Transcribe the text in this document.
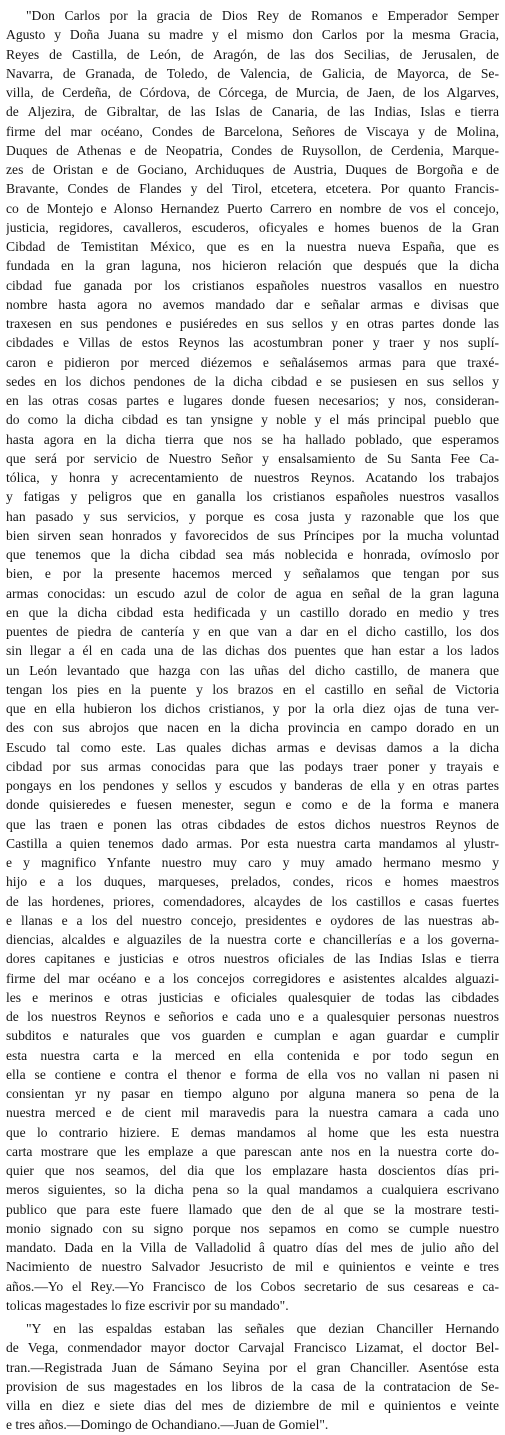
"Don Carlos por la gracia de Dios Rey de Romanos e Emperador Semper
Agusto y Doña Juana su madre y el mismo don Carlos por la mesma Gracia,
Reyes de Castilla, de León, de Aragón, de las dos Secilias, de Jerusalen, de
Navarra, de Granada, de Toledo, de Valencia, de Galicia, de Mayorca, de Se-
villa, de Cerdeña, de Córdova, de Córcega, de Murcia, de Jaen, de los Algarves,
de Aljezira, de Gibraltar, de las Islas de Canaria, de las Indias, Islas e tierra
firme del mar océano, Condes de Barcelona, Señores de Viscaya y de Molina,
Duques de Athenas e de Neopatria, Condes de Ruysollon, de Cerdenia, Marque-
zes de Oristan e de Gociano, Archiduques de Austria, Duques de Borgoña e de
Bravante, Condes de Flandes y del Tirol, etcetera, etcetera. Por quanto Francis-
co de Montejo e Alonso Hernandez Puerto Carrero en nombre de vos el concejo,
justicia, regidores, cavalleros, escuderos, oficyales e homes buenos de la Gran
Cibdad de Temistitan México, que es en la nuestra nueva España, que es
fundada en la gran laguna, nos hicieron relación que después que la dicha
cibdad fue ganada por los cristianos españoles nuestros vasallos en nuestro
nombre hasta agora no avemos mandado dar e señalar armas e divisas que
traxesen en sus pendones e pusiéredes en sus sellos y en otras partes donde las
cibdades e Villas de estos Reynos las acostumbran poner y traer y nos suplí-
caron e pidieron por merced diézemos e señalásemos armas para que traxé-
sedes en los dichos pendones de la dicha cibdad e se pusiesen en sus sellos y
en las otras cosas partes e lugares donde fuesen necesarios; y nos, consideran-
do como la dicha cibdad es tan ynsigne y noble y el más principal pueblo que
hasta agora en la dicha tierra que nos se ha hallado poblado, que esperamos
que será por servicio de Nuestro Señor y ensalsamiento de Su Santa Fee Ca-
tólica, y honra y acrecentamiento de nuestros Reynos. Acatando los trabajos
y fatigas y peligros que en ganalla los cristianos españoles nuestros vasallos
han pasado y sus servicios, y porque es cosa justa y razonable que los que
bien sirven sean honrados y favorecidos de sus Príncipes por la mucha voluntad
que tenemos que la dicha cibdad sea más noblecida e honrada, ovímoslo por
bien, e por la presente hacemos merced y señalamos que tengan por sus
armas conocidas: un escudo azul de color de agua en señal de la gran laguna
en que la dicha cibdad esta hedificada y un castillo dorado en medio y tres
puentes de piedra de cantería y en que van a dar en el dicho castillo, los dos
sin llegar a él en cada una de las dichas dos puentes que han estar a los lados
un León levantado que hazga con las uñas del dicho castillo, de manera que
tengan los pies en la puente y los brazos en el castillo en señal de Victoria
que en ella hubieron los dichos cristianos, y por la orla diez ojas de tuna ver-
des con sus abrojos que nacen en la dicha provincia en campo dorado en un
Escudo tal como este. Las quales dichas armas e devisas damos a la dicha
cibdad por sus armas conocidas para que las podays traer poner y trayais e
pongays en los pendones y sellos y escudos y banderas de ella y en otras partes
donde quisieredes e fuesen menester, segun e como e de la forma e manera
que las traen e ponen las otras cibdades de estos dichos nuestros Reynos de
Castilla a quien tenemos dado armas. Por esta nuestra carta mandamos al ylustr-
e y magnifico Ynfante nuestro muy caro y muy amado hermano mesmo y
hijo e a los duques, marqueses, prelados, condes, ricos e homes maestros
de las hordenes, priores, comendadores, alcaydes de los castillos e casas fuertes
e llanas e a los del nuestro concejo, presidentes e oydores de las nuestras ab-
diencias, alcaldes e alguaziles de la nuestra corte e chancillerías e a los governa-
dores capitanes e justicias e otros nuestros oficiales de las Indias Islas e tierra
firme del mar océano e a los concejos corregidores e asistentes alcaldes alguazi-
les e merinos e otras justicias e oficiales qualesquier de todas las cibdades
de los nuestros Reynos e señorios e cada uno e a qualesquier personas nuestros
subditos e naturales que vos guarden e cumplan e agan guardar e cumplir
esta nuestra carta e la merced en ella contenida e por todo segun en
ella se contiene e contra el thenor e forma de ella vos no vallan ni pasen ni
consientan yr ny pasar en tiempo alguno por alguna manera so pena de la
nuestra merced e de cient mil maravedis para la nuestra camara a cada uno
que lo contrario hiziere. E demas mandamos al home que les esta nuestra
carta mostrare que les emplaze a que parescan ante nos en la nuestra corte do-
quier que nos seamos, del dia que los emplazare hasta doscientos días pri-
meros siguientes, so la dicha pena so la qual mandamos a cualquiera escrivano
publico que para este fuere llamado que den de al que se la mostrare testi-
monio signado con su signo porque nos sepamos en como se cumple nuestro
mandato. Dada en la Villa de Valladolid â quatro días del mes de julio año del
Nacimiento de nuestro Salvador Jesucristo de mil e quinientos e veinte e tres
años.—Yo el Rey.—Yo Francisco de los Cobos secretario de sus cesareas e ca-
tolicas magestades lo fize escrivir por su mandado".
"Y en las espaldas estaban las señales que dezian Chanciller Hernando
de Vega, conmendador mayor doctor Carvajal Francisco Lizamat, el doctor Bel-
tran.—Registrada Juan de Sámano Seyina por el gran Chanciller. Asentóse esta
provision de sus magestades en los libros de la casa de la contratacion de Se-
villa en diez e siete dias del mes de diziembre de mil e quinientos e veinte
e tres años.—Domingo de Ochandiano.—Juan de Gomiel".
